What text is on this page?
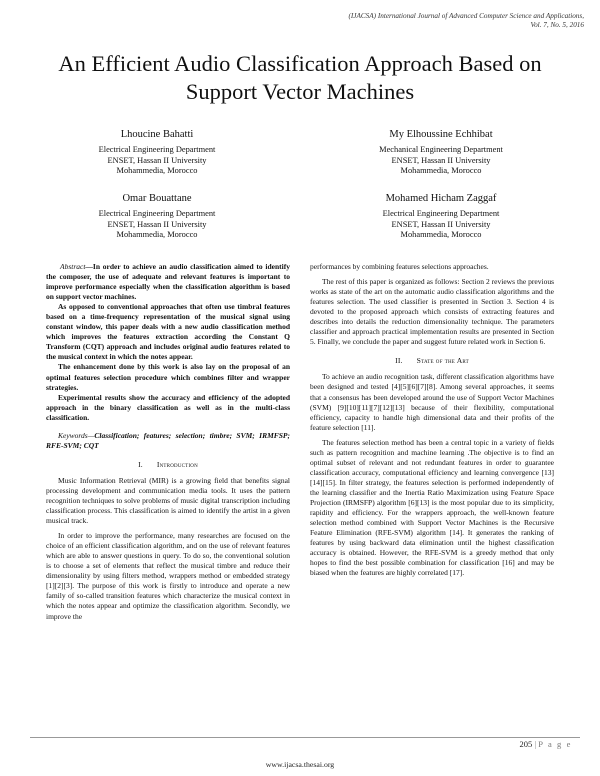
(IJACSA) International Journal of Advanced Computer Science and Applications,
Vol. 7, No. 5, 2016
An Efficient Audio Classification Approach Based on Support Vector Machines
Lhoucine Bahatti
Electrical Engineering Department
ENSET, Hassan II University
Mohammedia, Morocco
My Elhoussine Echhibat
Mechanical Engineering Department
ENSET, Hassan II University
Mohammedia, Morocco
Omar Bouattane
Electrical Engineering Department
ENSET, Hassan II University
Mohammedia, Morocco
Mohamed Hicham Zaggaf
Electrical Engineering Department
ENSET, Hassan II University
Mohammedia, Morocco

Abstract—In order to achieve an audio classification aimed to identify the composer, the use of adequate and relevant features is important to improve performance especially when the classification algorithm is based on support vector machines.

As opposed to conventional approaches that often use timbral features based on a time-frequency representation of the musical signal using constant window, this paper deals with a new audio classification method which improves the features extraction according the Constant Q Transform (CQT) approach and includes original audio features related to the musical context in which the notes appear.

The enhancement done by this work is also lay on the proposal of an optimal features selection procedure which combines filter and wrapper strategies.

Experimental results show the accuracy and efficiency of the adopted approach in the binary classification as well as in the multi-class classification.

Keywords—Classification; features; selection; timbre; SVM; IRMFSP; RFE-SVM; CQT

I. Introduction

Music Information Retrieval (MIR) is a growing field that benefits signal processing development and communication media tools. It uses the pattern recognition techniques to solve problems of music digital transcription including classification process. This classification is aimed to identify the artist in a given musical track.

In order to improve the performance, many researches are focused on the choice of an efficient classification algorithm, and on the use of relevant features which are able to answer questions in query. To do so, the conventional solution is to choose a set of elements that reflect the musical timbre and reduce their dimensionality by using filters method, wrappers method or embedded strategy [1][2][3]. The purpose of this work is firstly to introduce and operate a new family of so-called transition features which characterize the musical context in which the notes appear and optimize the classification algorithm. Secondly, we improve the

performances by combining features selections approaches.

The rest of this paper is organized as follows: Section 2 reviews the previous works as state of the art on the automatic audio classification algorithms and the features selection. The used classifier is presented in Section 3. Section 4 is devoted to the proposed approach which consists of extracting features and describes into details the reduction dimensionality technique. The parameters classifier and approach practical implementation results are presented in Section 5. Finally, we conclude the paper and suggest future related work in Section 6.

II. State of the Art

To achieve an audio recognition task, different classification algorithms have been designed and tested [4][5][6][7][8]. Among several approaches, it seems that a consensus has been developed around the use of Support Vector Machines (SVM) [9][10][11][7][12][13] because of their flexibility, computational efficiency, capacity to handle high dimensional data and their profits of the feature selection [11].

The features selection method has been a central topic in a variety of fields such as pattern recognition and machine learning .The objective is to find an optimal subset of relevant and not redundant features in order to guarantee classification accuracy, computational efficiency and learning convergence [13][14][15]. In filter strategy, the features selection is performed independently of the learning classifier and the Inertia Ratio Maximization using Feature Space Projection (IRMSFP) algorithm [6][13] is the most popular due to its simplicity, rapidity and efficiency. For the wrappers approach, the well-known feature selection method combined with Support Vector Machines is the Recursive Feature Elimination (RFE-SVM) algorithm [14]. It generates the ranking of features by using backward data elimination until the highest classification accuracy is obtained. However, the RFE-SVM is a greedy method that only hopes to find the best possible combination for classification [16] and may be biased when the features are highly correlated [17].

205 | P a g e
www.ijacsa.thesai.org
